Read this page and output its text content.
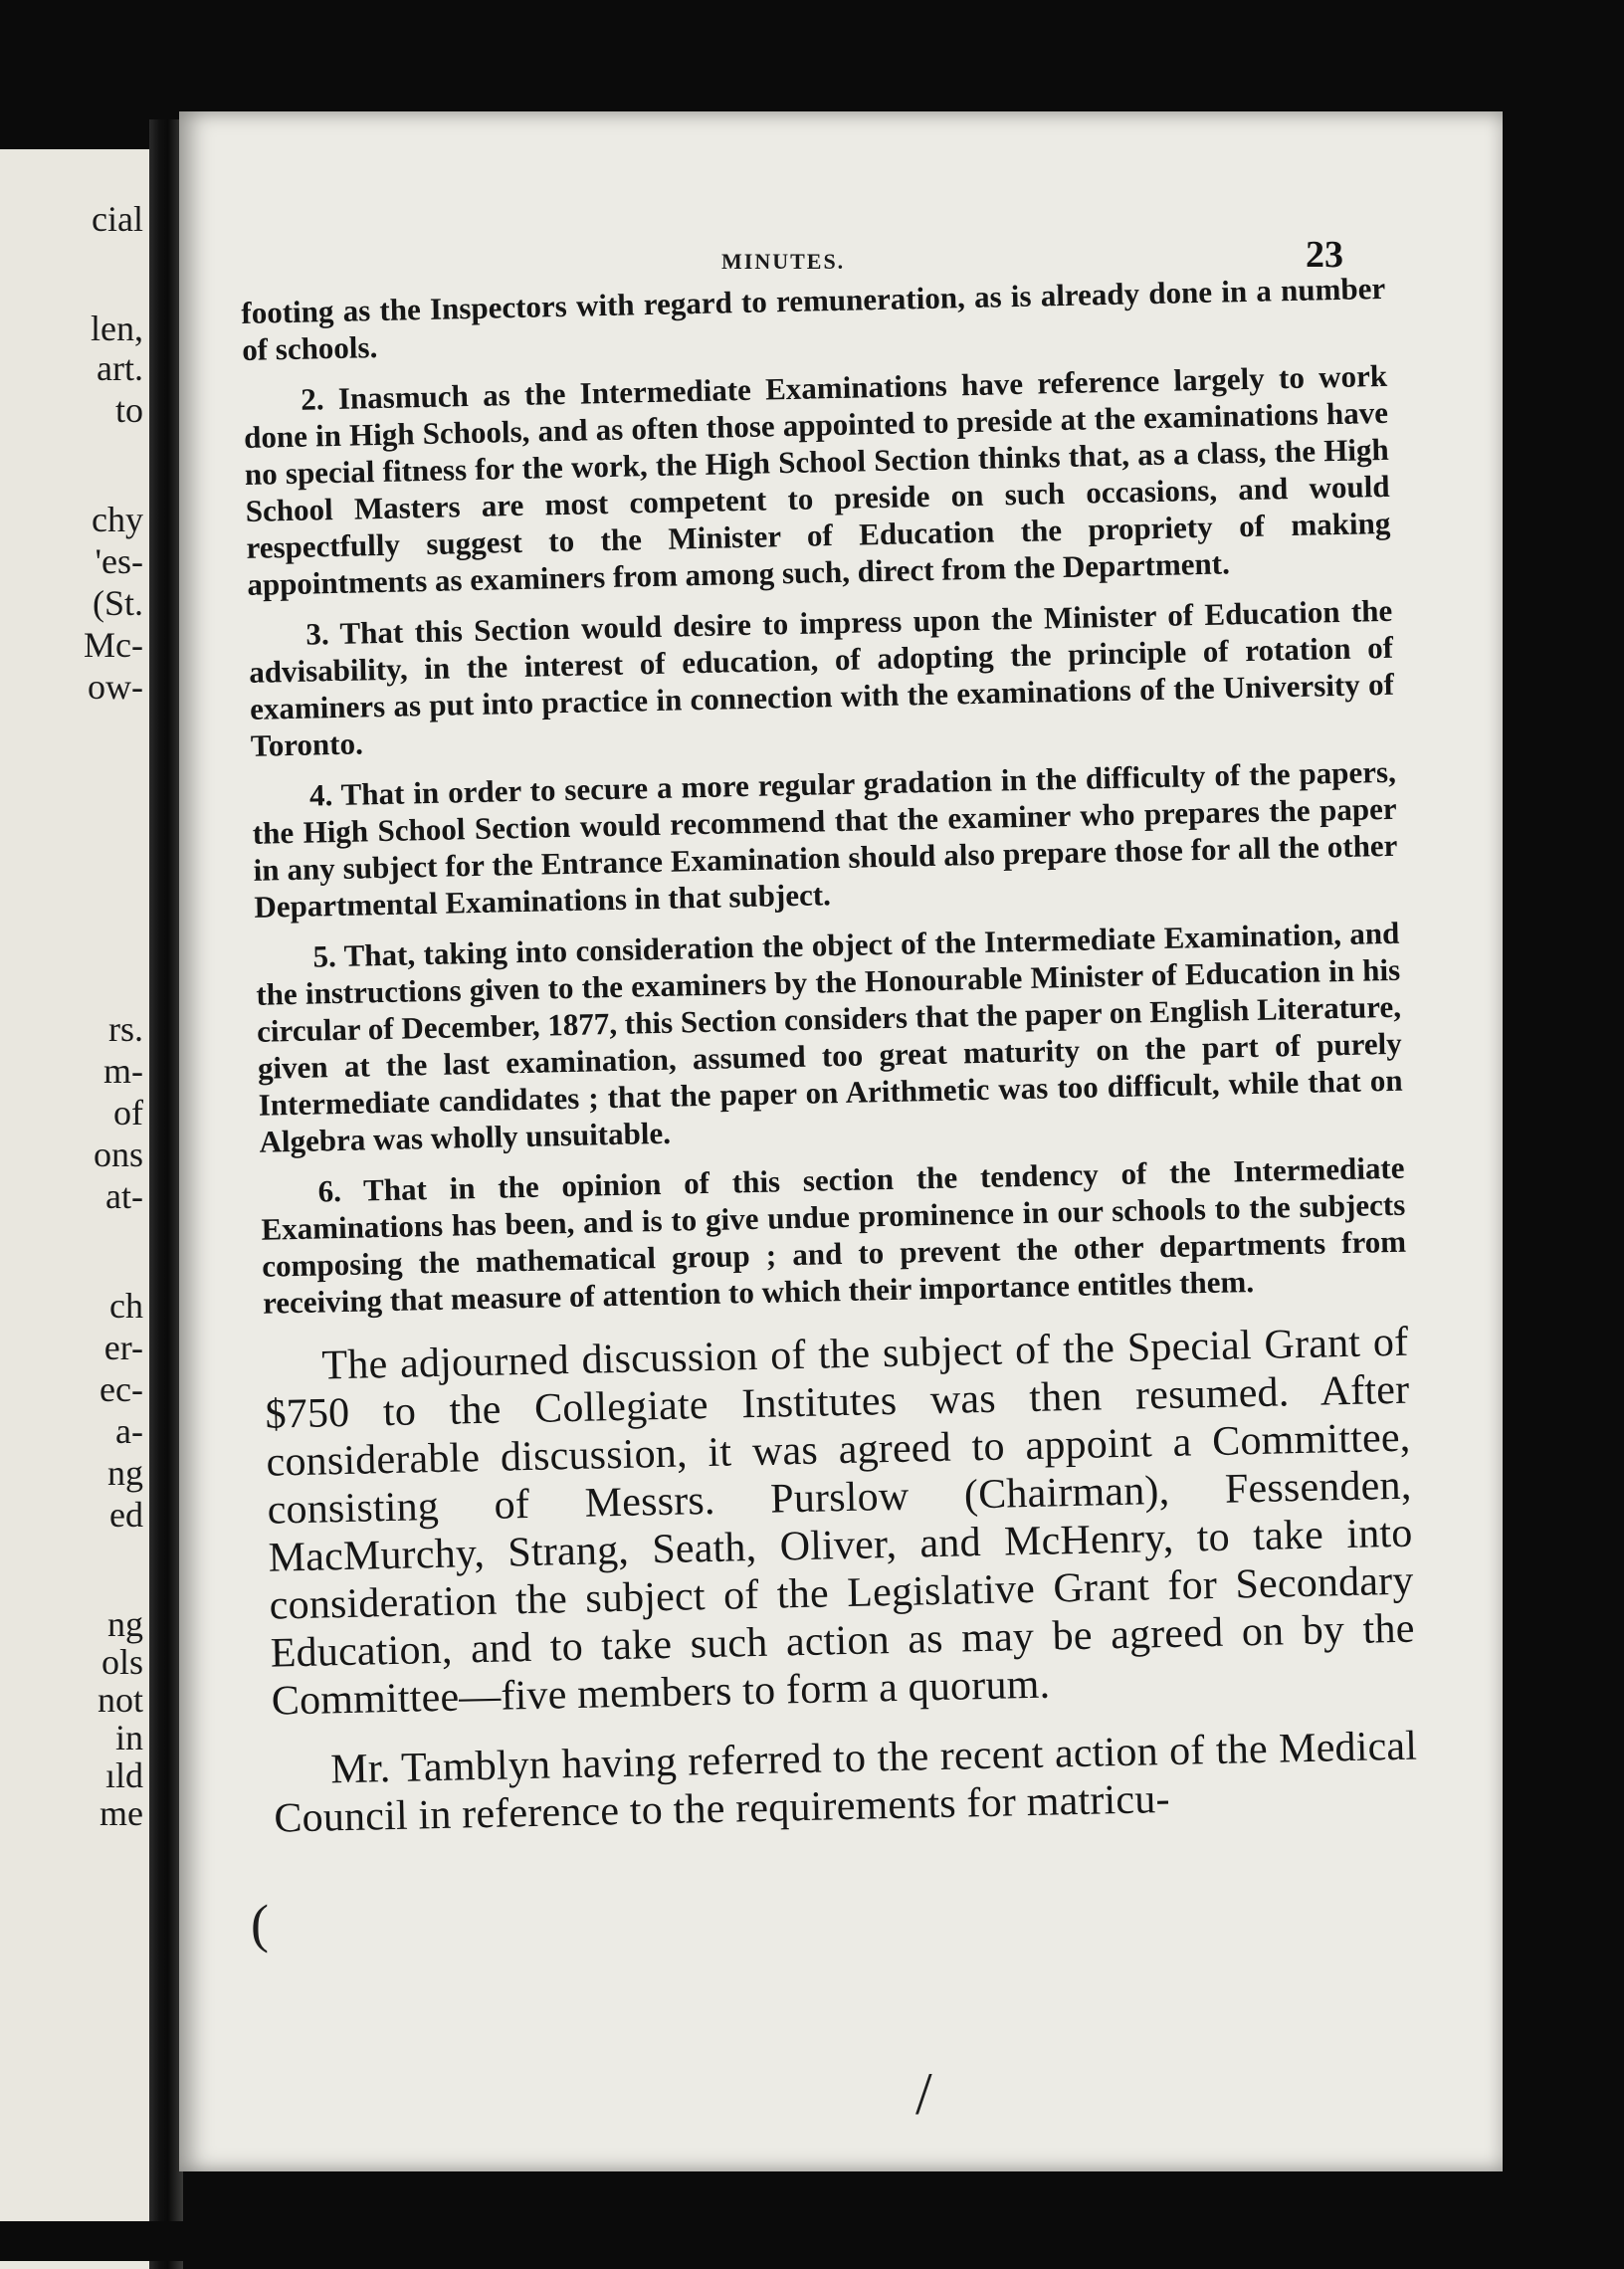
cial
len,
art.
to
chy
'es-
(St.
Mc-
ow-
rs.
m-
of
ons
at-
ch
er-
ec-
a-
ng
ed
ng
ols
not
in
ıld
me
MINUTES.	23

footing as the Inspectors with regard to remuneration, as is already done in a number of schools.

2. Inasmuch as the Intermediate Examinations have reference largely to work done in High Schools, and as often those appointed to preside at the examinations have no special fitness for the work, the High School Section thinks that, as a class, the High School Masters are most competent to preside on such occasions, and would respectfully suggest to the Minister of Education the propriety of making appointments as examiners from among such, direct from the Department.

3. That this Section would desire to impress upon the Minister of Education the advisability, in the interest of education, of adopting the principle of rotation of examiners as put into practice in connection with the examinations of the University of Toronto.

4. That in order to secure a more regular gradation in the difficulty of the papers, the High School Section would recommend that the examiner who prepares the paper in any subject for the Entrance Examination should also prepare those for all the other Departmental Examinations in that subject.

5. That, taking into consideration the object of the Intermediate Examination, and the instructions given to the examiners by the Honourable Minister of Education in his circular of December, 1877, this Section considers that the paper on English Literature, given at the last examination, assumed too great maturity on the part of purely Intermediate candidates ; that the paper on Arithmetic was too difficult, while that on Algebra was wholly unsuitable.

6. That in the opinion of this section the tendency of the Intermediate Examinations has been, and is to give undue prominence in our schools to the subjects composing the mathematical group ; and to prevent the other departments from receiving that measure of attention to which their importance entitles them.

The adjourned discussion of the subject of the Special Grant of $750 to the Collegiate Institutes was then resumed. After considerable discussion, it was agreed to appoint a Committee, consisting of Messrs. Purslow (Chairman), Fessenden, MacMurchy, Strang, Seath, Oliver, and McHenry, to take into consideration the subject of the Legislative Grant for Secondary Education, and to take such action as may be agreed on by the Committee—five members to form a quorum.

Mr. Tamblyn having referred to the recent action of the Medical Council in reference to the requirements for matricu-

(
/
